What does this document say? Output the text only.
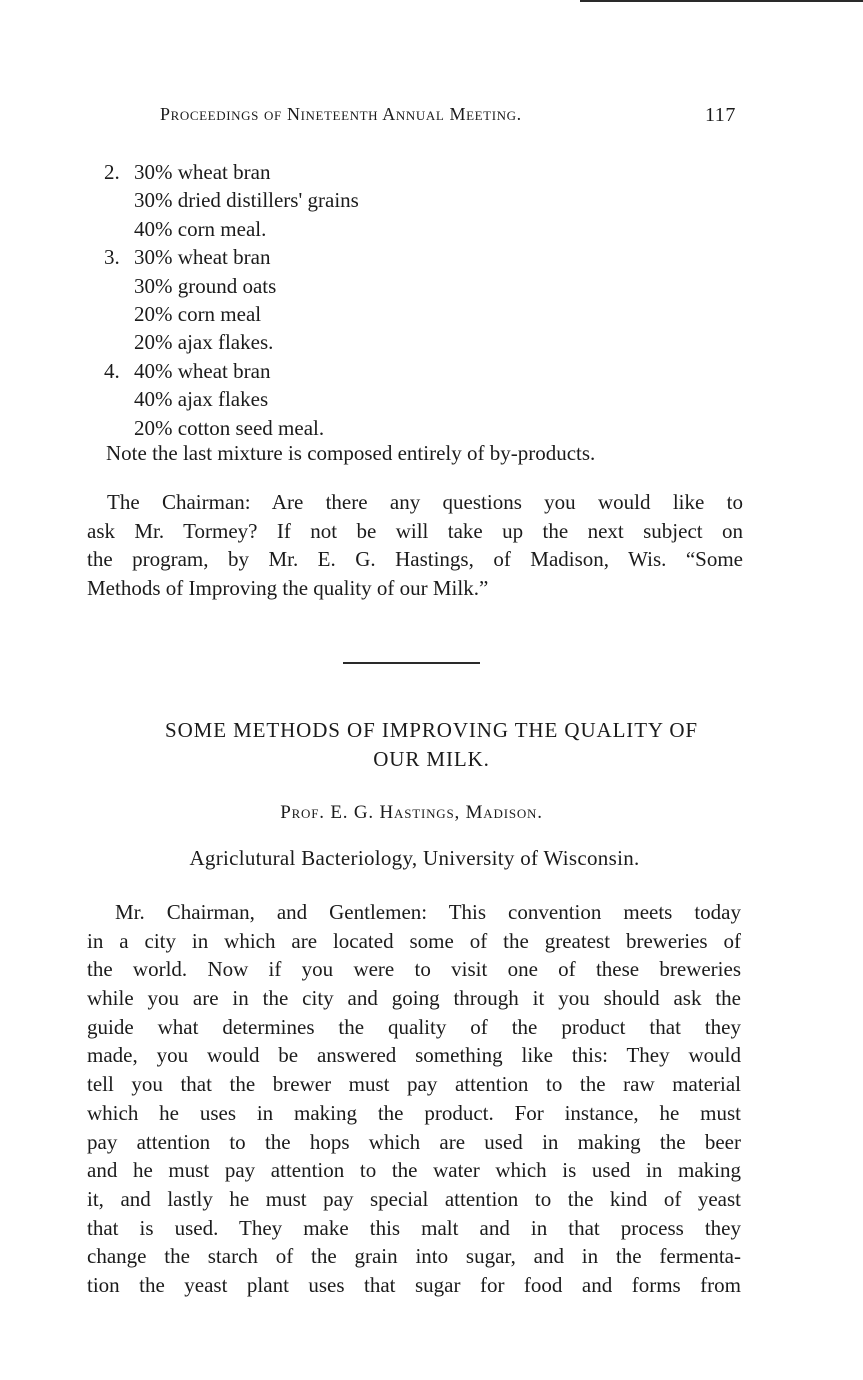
Proceedings of Nineteenth Annual Meeting.	117
2. 30% wheat bran
30% dried distillers' grains
40% corn meal.
3. 30% wheat bran
30% ground oats
20% corn meal
20% ajax flakes.
4. 40% wheat bran
40% ajax flakes
20% cotton seed meal.
Note the last mixture is composed entirely of by-products.
The Chairman: Are there any questions you would like to
ask Mr. Tormey? If not be will take up the next subject on
the program, by Mr. E. G. Hastings, of Madison, Wis. “Some
Methods of Improving the quality of our Milk.”
SOME METHODS OF IMPROVING THE QUALITY OF
OUR MILK.
Prof. E. G. Hastings, Madison.
Agriclutural Bacteriology, University of Wisconsin.
Mr. Chairman, and Gentlemen: This convention meets today
in a city in which are located some of the greatest breweries of
the world. Now if you were to visit one of these breweries
while you are in the city and going through it you should ask the
guide what determines the quality of the product that they
made, you would be answered something like this: They would
tell you that the brewer must pay attention to the raw material
which he uses in making the product. For instance, he must
pay attention to the hops which are used in making the beer
and he must pay attention to the water which is used in making
it, and lastly he must pay special attention to the kind of yeast
that is used. They make this malt and in that process they
change the starch of the grain into sugar, and in the fermenta-
tion the yeast plant uses that sugar for food and forms from
